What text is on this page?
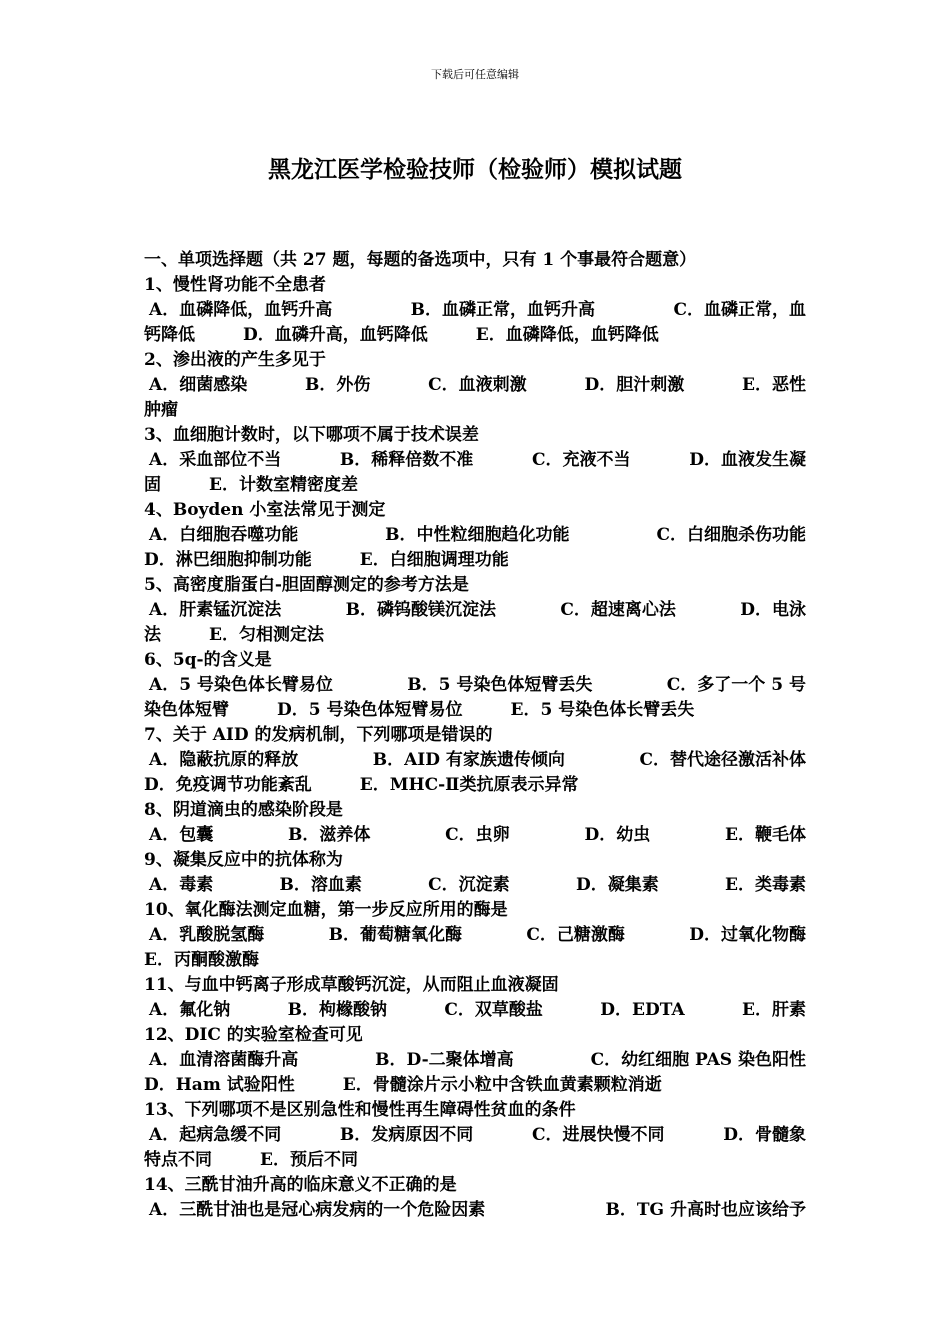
下载后可任意编辑
黑龙江医学检验技师（检验师）模拟试题
一、单项选择题（共 27 题，每题的备选项中，只有 1 个事最符合题意）
1、慢性肾功能不全患者
A．血磷降低，血钙升高	B．血磷正常，血钙升高	C．血磷正常，血
钙降低	D．血磷升高，血钙降低	E．血磷降低，血钙降低
2、渗出液的产生多见于
A．细菌感染	B．外伤	C．血液刺激	D．胆汁刺激	E．恶性
肿瘤
3、血细胞计数时，以下哪项不属于技术误差
A．采血部位不当	B．稀释倍数不准	C．充液不当	D．血液发生凝
固	E．计数室精密度差
4、Boyden 小室法常见于测定
A．白细胞吞噬功能	B．中性粒细胞趋化功能	C．白细胞杀伤功能
D．淋巴细胞抑制功能	E．白细胞调理功能
5、高密度脂蛋白-胆固醇测定的参考方法是
A．肝素锰沉淀法	B．磷钨酸镁沉淀法	C．超速离心法	D．电泳
法	E．匀相测定法
6、5q-的含义是
A．5 号染色体长臂易位	B．5 号染色体短臂丢失	C．多了一个 5 号
染色体短臂	D．5 号染色体短臂易位	E．5 号染色体长臂丢失
7、关于 AID 的发病机制，下列哪项是错误的
A．隐蔽抗原的释放	B．AID 有家族遗传倾向	C．替代途径激活补体
D．免疫调节功能紊乱	E．MHC-Ⅱ类抗原表示异常
8、阴道滴虫的感染阶段是
A．包囊	B．滋养体	C．虫卵	D．幼虫	E．鞭毛体
9、凝集反应中的抗体称为
A．毒素	B．溶血素	C．沉淀素	D．凝集素	E．类毒素
10、氧化酶法测定血糖，第一步反应所用的酶是
A．乳酸脱氢酶	B．葡萄糖氧化酶	C．己糖激酶	D．过氧化物酶
E．丙酮酸激酶
11、与血中钙离子形成草酸钙沉淀，从而阻止血液凝固
A．氟化钠	B．枸橼酸钠	C．双草酸盐	D．EDTA	E．肝素
12、DIC 的实验室检查可见
A．血清溶菌酶升高	B．D-二聚体增高	C．幼红细胞 PAS 染色阳性
D．Ham 试验阳性	E．骨髓涂片示小粒中含铁血黄素颗粒消逝
13、下列哪项不是区别急性和慢性再生障碍性贫血的条件
A．起病急缓不同	B．发病原因不同	C．进展快慢不同	D．骨髓象
特点不同	E．预后不同
14、三酰甘油升高的临床意义不正确的是
A．三酰甘油也是冠心病发病的一个危险因素	B．TG 升高时也应该给予
